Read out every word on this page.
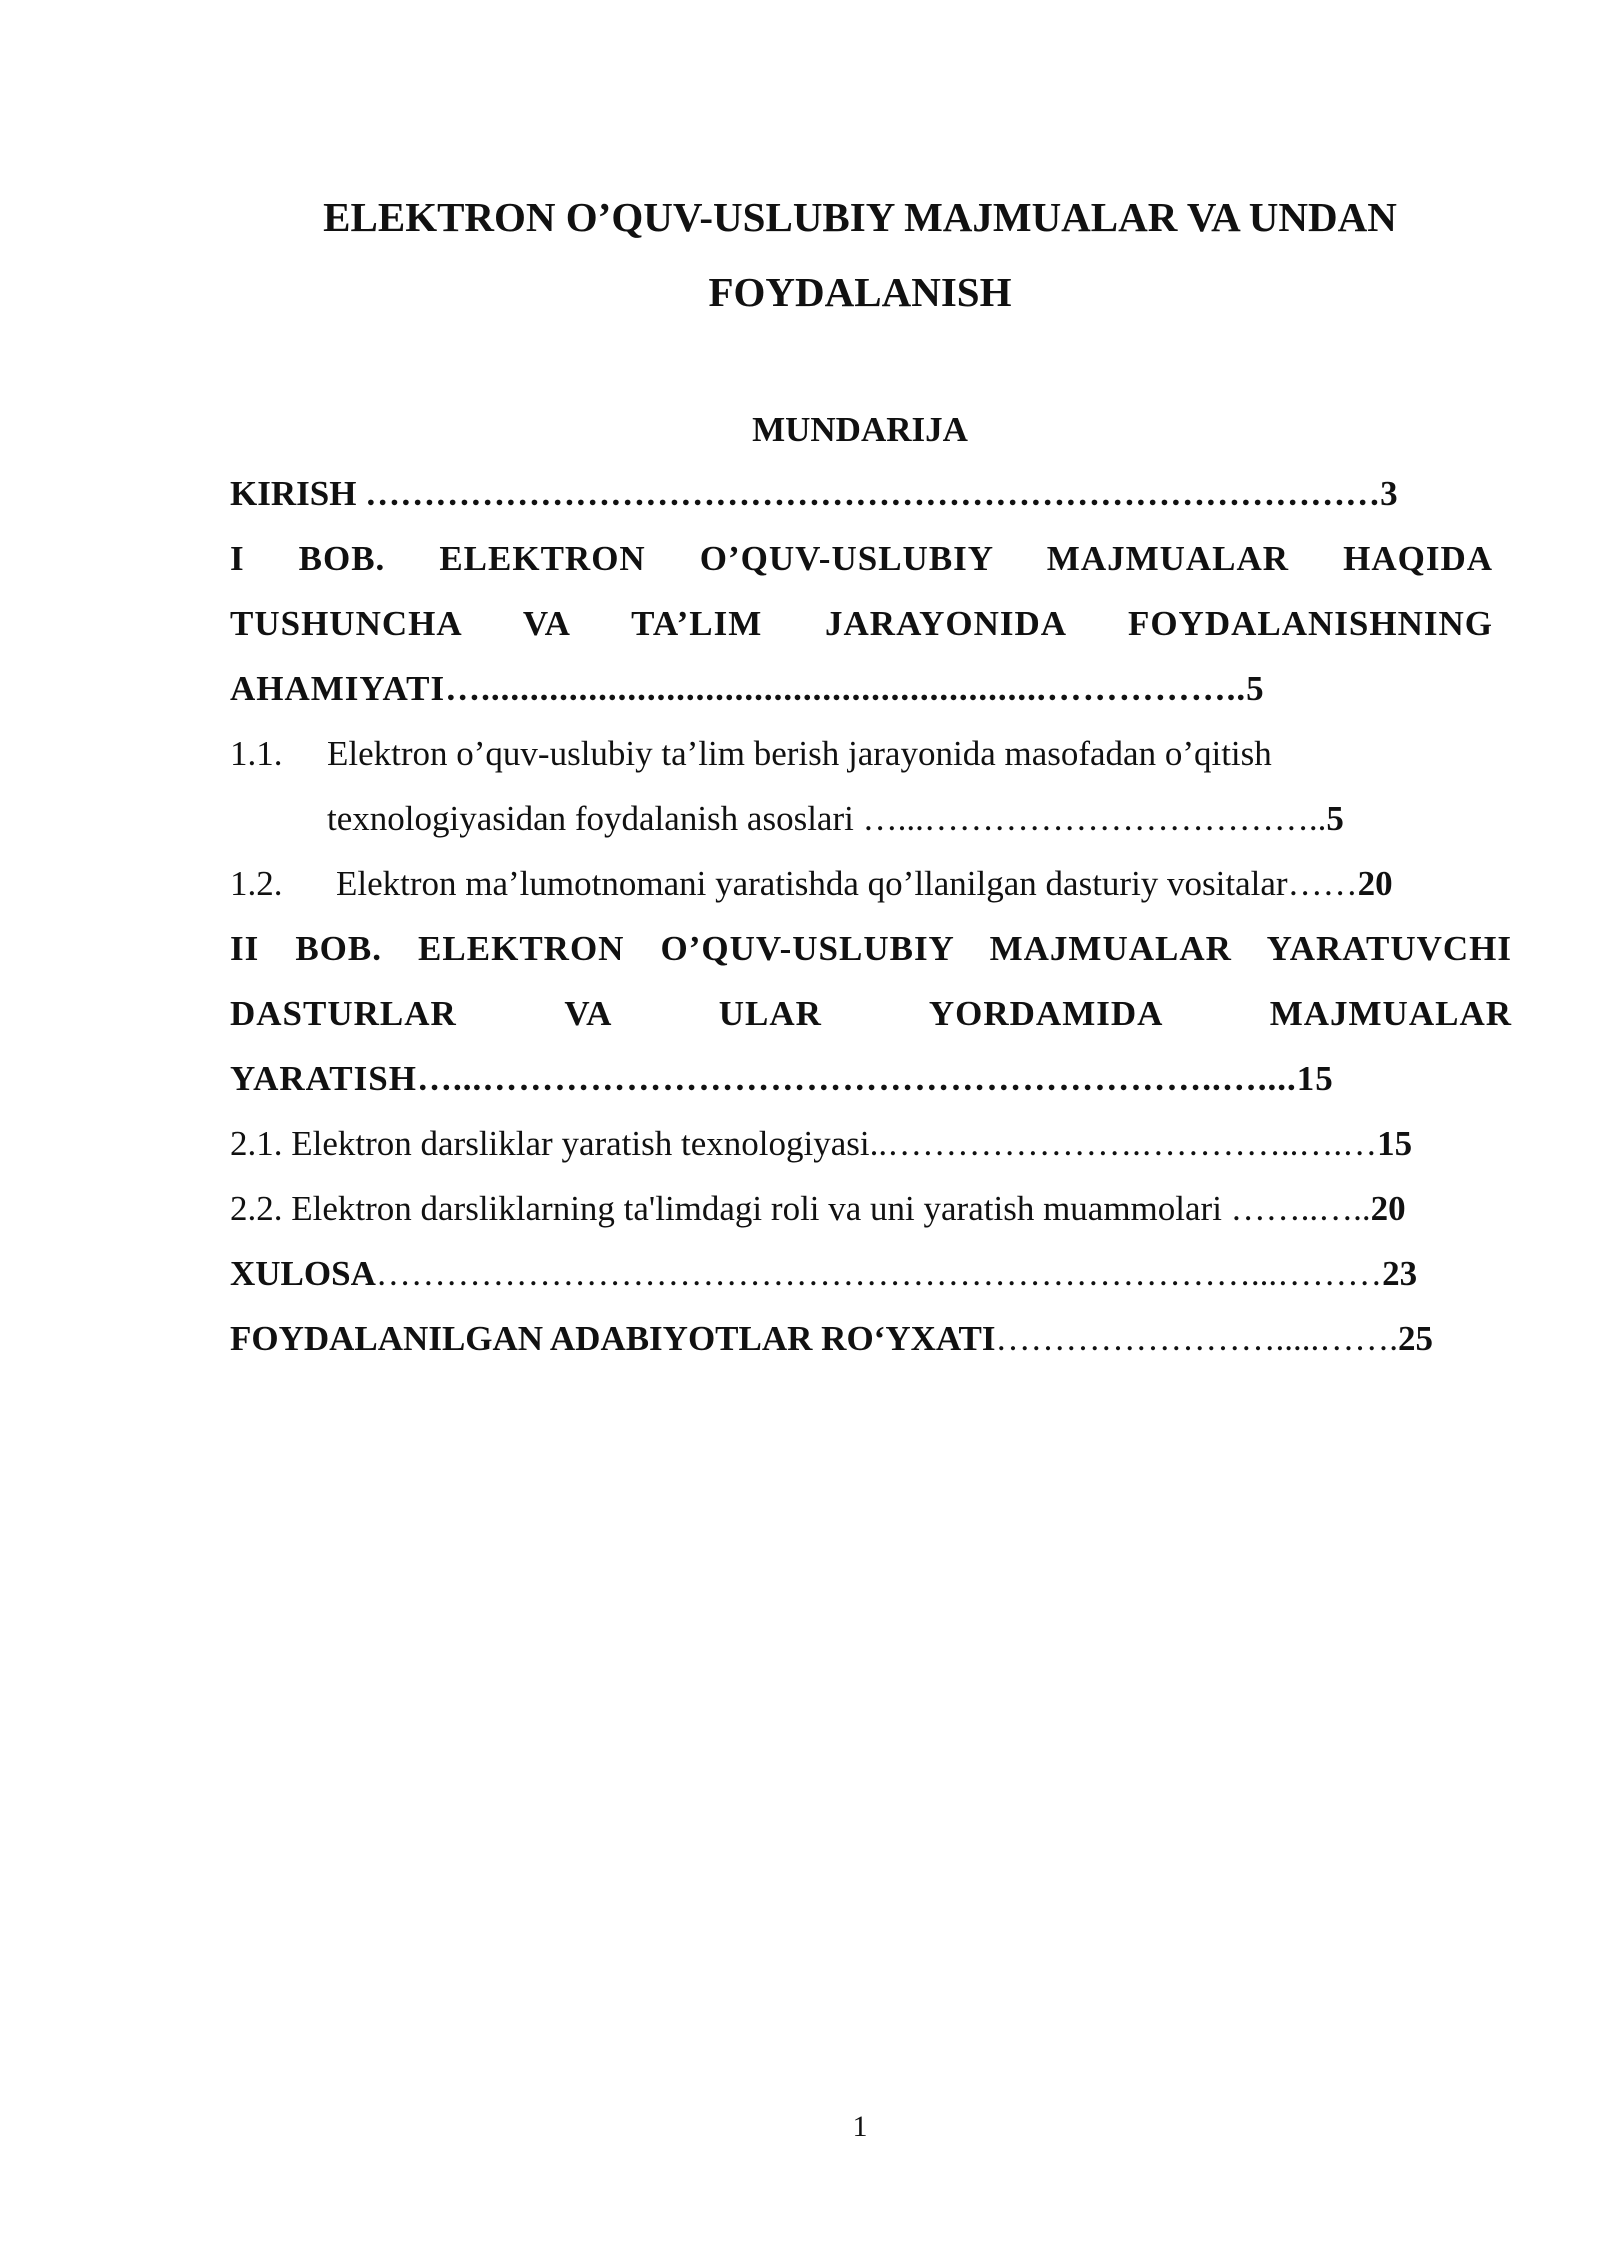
ELEKTRON O’QUV-USLUBIY MAJMUALAR VA UNDAN
FOYDALANISH
MUNDARIJA
KIRISH ……………………………………………………………………………3
I BOB. ELEKTRON O’QUV-USLUBIY MAJMUALAR HAQIDA
TUSHUNCHA VA TA’LIM JARAYONIDA FOYDALANISHNING
AHAMIYATI…..........................................................……………..5
1.1. Elektron o’quv-uslubiy ta’lim berish jarayonida masofadan o’qitish
texnologiyasidan foydalanish asoslari …...……………………………..5
1.2. Elektron ma’lumotnomani yaratishda qo’llanilgan dasturiy vositalar……20
II BOB. ELEKTRON O’QUV-USLUBIY MAJMUALAR YARATUVCHI
DASTURLAR VA ULAR YORDAMIDA MAJMUALAR
YARATISH…...……………………………………………………..…....15
2.1. Elektron darsliklar yaratish texnologiyasi..………………….…………..….…15
2.2. Elektron darsliklarning ta'limdagi roli va uni yaratish muammolari ……..…..20
XULOSA…………………………………………………………………...………23
FOYDALANILGAN ADABIYOTLAR RO‘YXATI…………………….....…….25
1
